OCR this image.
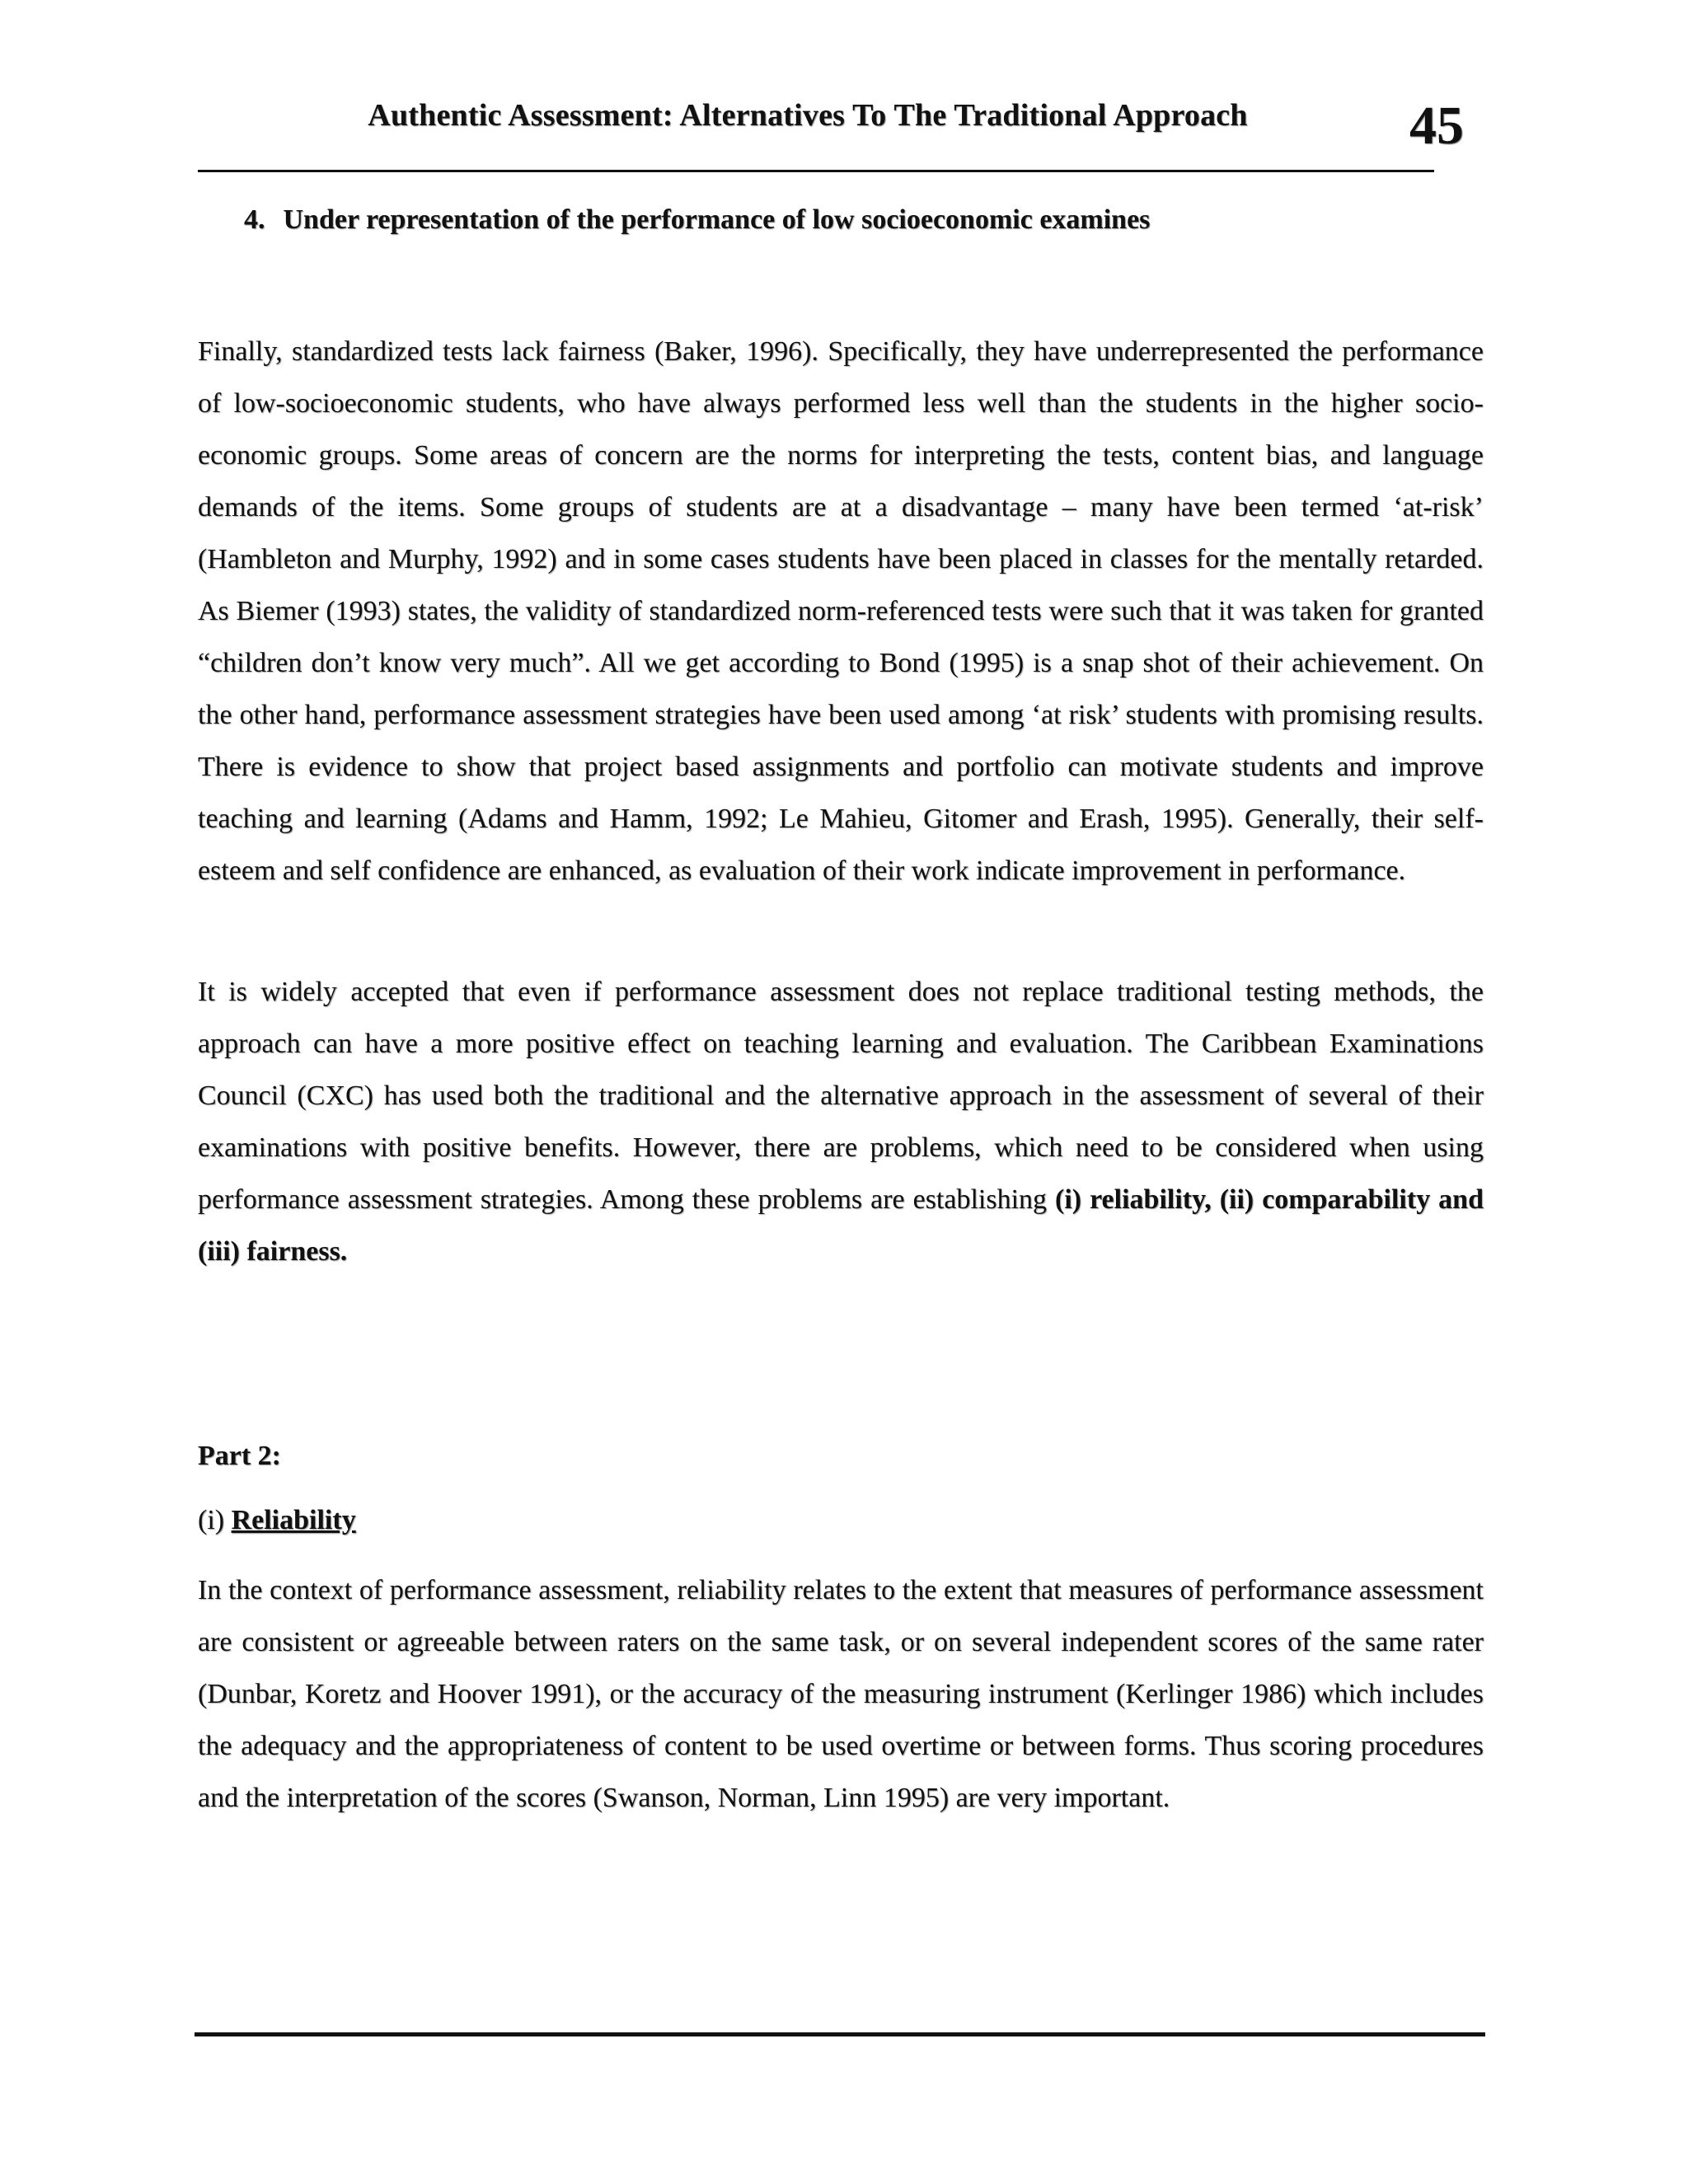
Authentic Assessment: Alternatives To The Traditional Approach	45
4. Under representation of the performance of low socioeconomic examines

Finally, standardized tests lack fairness (Baker, 1996). Specifically, they have underrepresented the performance of low-socioeconomic students, who have always performed less well than the students in the higher socio-economic groups. Some areas of concern are the norms for interpreting the tests, content bias, and language demands of the items. Some groups of students are at a disadvantage – many have been termed ‘at-risk’ (Hambleton and Murphy, 1992) and in some cases students have been placed in classes for the mentally retarded. As Biemer (1993) states, the validity of standardized norm-referenced tests were such that it was taken for granted “children don’t know very much”. All we get according to Bond (1995) is a snap shot of their achievement. On the other hand, performance assessment strategies have been used among ‘at risk’ students with promising results. There is evidence to show that project based assignments and portfolio can motivate students and improve teaching and learning (Adams and Hamm, 1992; Le Mahieu, Gitomer and Erash, 1995). Generally, their self-esteem and self confidence are enhanced, as evaluation of their work indicate improvement in performance.

It is widely accepted that even if performance assessment does not replace traditional testing methods, the approach can have a more positive effect on teaching learning and evaluation. The Caribbean Examinations Council (CXC) has used both the traditional and the alternative approach in the assessment of several of their examinations with positive benefits. However, there are problems, which need to be considered when using performance assessment strategies. Among these problems are establishing (i) reliability, (ii) comparability and (iii) fairness.

Part 2:
(i) Reliability

In the context of performance assessment, reliability relates to the extent that measures of performance assessment are consistent or agreeable between raters on the same task, or on several independent scores of the same rater (Dunbar, Koretz and Hoover 1991), or the accuracy of the measuring instrument (Kerlinger 1986) which includes the adequacy and the appropriateness of content to be used overtime or between forms. Thus scoring procedures and the interpretation of the scores (Swanson, Norman, Linn 1995) are very important.
